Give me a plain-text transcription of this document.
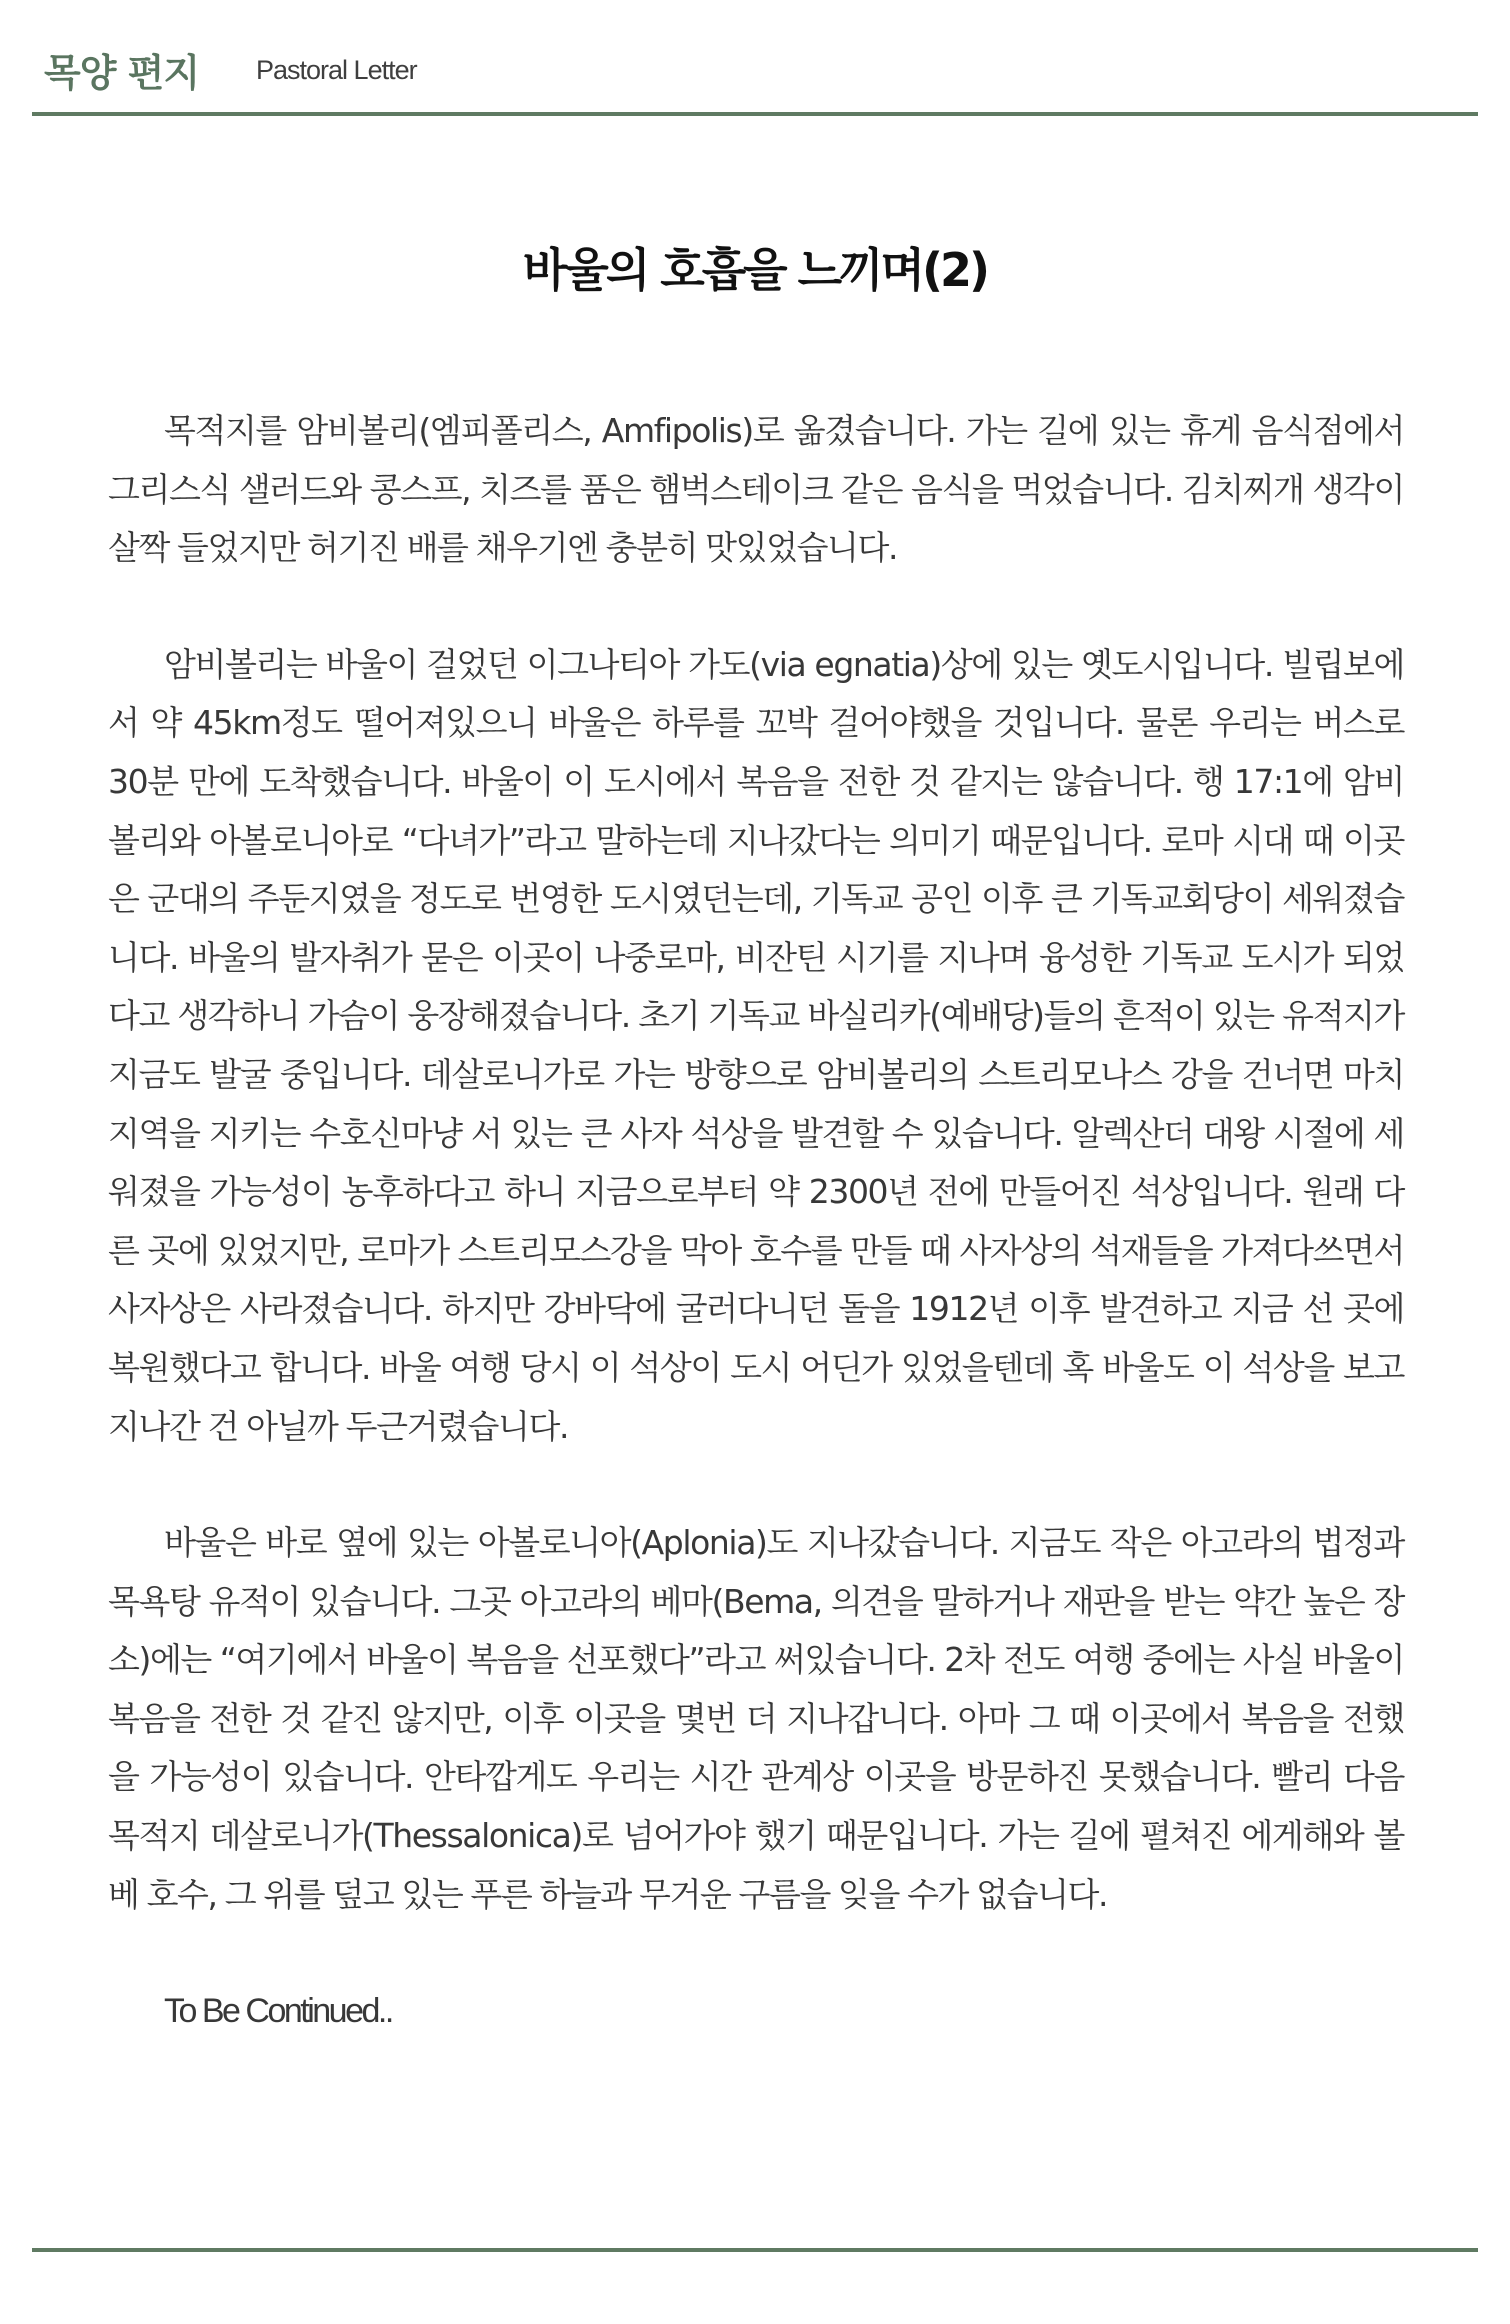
목양 편지 Pastoral Letter
바울의 호흡을 느끼며(2)

목적지를 암비볼리(엠피폴리스, Amfipolis)로 옮겼습니다. 가는 길에 있는 휴게 음식점에서 그리스식 샐러드와 콩스프, 치즈를 품은 햄벅스테이크 같은 음식을 먹었습니다. 김치찌개 생각이 살짝 들었지만 허기진 배를 채우기엔 충분히 맛있었습니다.

암비볼리는 바울이 걸었던 이그나티아 가도(via egnatia)상에 있는 옛도시입니다. 빌립보에서 약 45km정도 떨어져있으니 바울은 하루를 꼬박 걸어야했을 것입니다. 물론 우리는 버스로 30분 만에 도착했습니다. 바울이 이 도시에서 복음을 전한 것 같지는 않습니다. 행 17:1에 암비볼리와 아볼로니아로 “다녀가”라고 말하는데 지나갔다는 의미기 때문입니다. 로마 시대 때 이곳은 군대의 주둔지였을 정도로 번영한 도시였던는데, 기독교 공인 이후 큰 기독교회당이 세워졌습니다. 바울의 발자취가 묻은 이곳이 나중로마, 비잔틴 시기를 지나며 융성한 기독교 도시가 되었다고 생각하니 가슴이 웅장해졌습니다. 초기 기독교 바실리카(예배당)들의 흔적이 있는 유적지가 지금도 발굴 중입니다. 데살로니가로 가는 방향으로 암비볼리의 스트리모나스 강을 건너면 마치 지역을 지키는 수호신마냥 서 있는 큰 사자 석상을 발견할 수 있습니다. 알렉산더 대왕 시절에 세워졌을 가능성이 농후하다고 하니 지금으로부터 약 2300년 전에 만들어진 석상입니다. 원래 다른 곳에 있었지만, 로마가 스트리모스강을 막아 호수를 만들 때 사자상의 석재들을 가져다쓰면서 사자상은 사라졌습니다. 하지만 강바닥에 굴러다니던 돌을 1912년 이후 발견하고 지금 선 곳에 복원했다고 합니다. 바울 여행 당시 이 석상이 도시 어딘가 있었을텐데 혹 바울도 이 석상을 보고 지나간 건 아닐까 두근거렸습니다.

바울은 바로 옆에 있는 아볼로니아(Aplonia)도 지나갔습니다. 지금도 작은 아고라의 법정과 목욕탕 유적이 있습니다. 그곳 아고라의 베마(Bema, 의견을 말하거나 재판을 받는 약간 높은 장소)에는 “여기에서 바울이 복음을 선포했다”라고 써있습니다. 2차 전도 여행 중에는 사실 바울이 복음을 전한 것 같진 않지만, 이후 이곳을 몇번 더 지나갑니다. 아마 그 때 이곳에서 복음을 전했을 가능성이 있습니다. 안타깝게도 우리는 시간 관계상 이곳을 방문하진 못했습니다. 빨리 다음 목적지 데살로니가(Thessalonica)로 넘어가야 했기 때문입니다. 가는 길에 펼쳐진 에게해와 볼베 호수, 그 위를 덮고 있는 푸른 하늘과 무거운 구름을 잊을 수가 없습니다.

To Be Continued..
